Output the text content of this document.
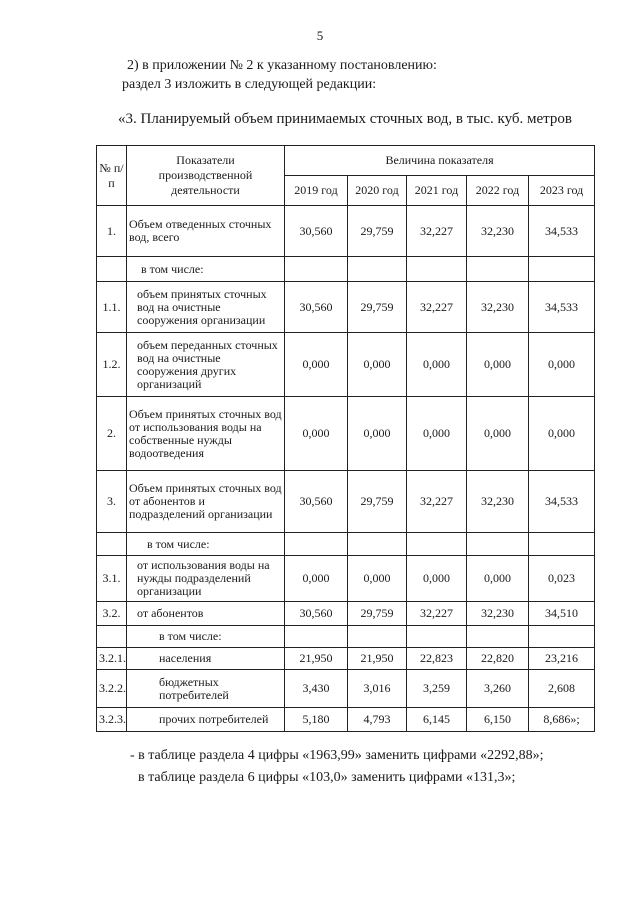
5
2) в приложении № 2 к указанному постановлению:
раздел 3 изложить в следующей редакции:
«3. Планируемый объем принимаемых сточных вод, в тыс. куб. метров
№ п/п	Показатели производственной деятельности	Величина показателя				
		2019 год	2020 год	2021 год	2022 год	2023 год
1.	Объем отведенных сточных вод, всего	30,560	29,759	32,227	32,230	34,533
	в том числе:					
1.1.	объем принятых сточных вод на очистные сооружения организации	30,560	29,759	32,227	32,230	34,533
1.2.	объем переданных сточных вод на очистные сооружения других организаций	0,000	0,000	0,000	0,000	0,000
2.	Объем принятых сточных вод от использования воды на собственные нужды водоотведения	0,000	0,000	0,000	0,000	0,000
3.	Объем принятых сточных вод от абонентов и подразделений организации	30,560	29,759	32,227	32,230	34,533
	в том числе:					
3.1.	от использования воды на нужды подразделений организации	0,000	0,000	0,000	0,000	0,023
3.2.	от абонентов	30,560	29,759	32,227	32,230	34,510
	в том числе:					
3.2.1.	населения	21,950	21,950	22,823	22,820	23,216
3.2.2.	бюджетных потребителей	3,430	3,016	3,259	3,260	2,608
3.2.3.	прочих потребителей	5,180	4,793	6,145	6,150	8,686»;
- в таблице раздела 4 цифры «1963,99» заменить цифрами «2292,88»;
в таблице раздела 6 цифры «103,0» заменить цифрами «131,3»;
